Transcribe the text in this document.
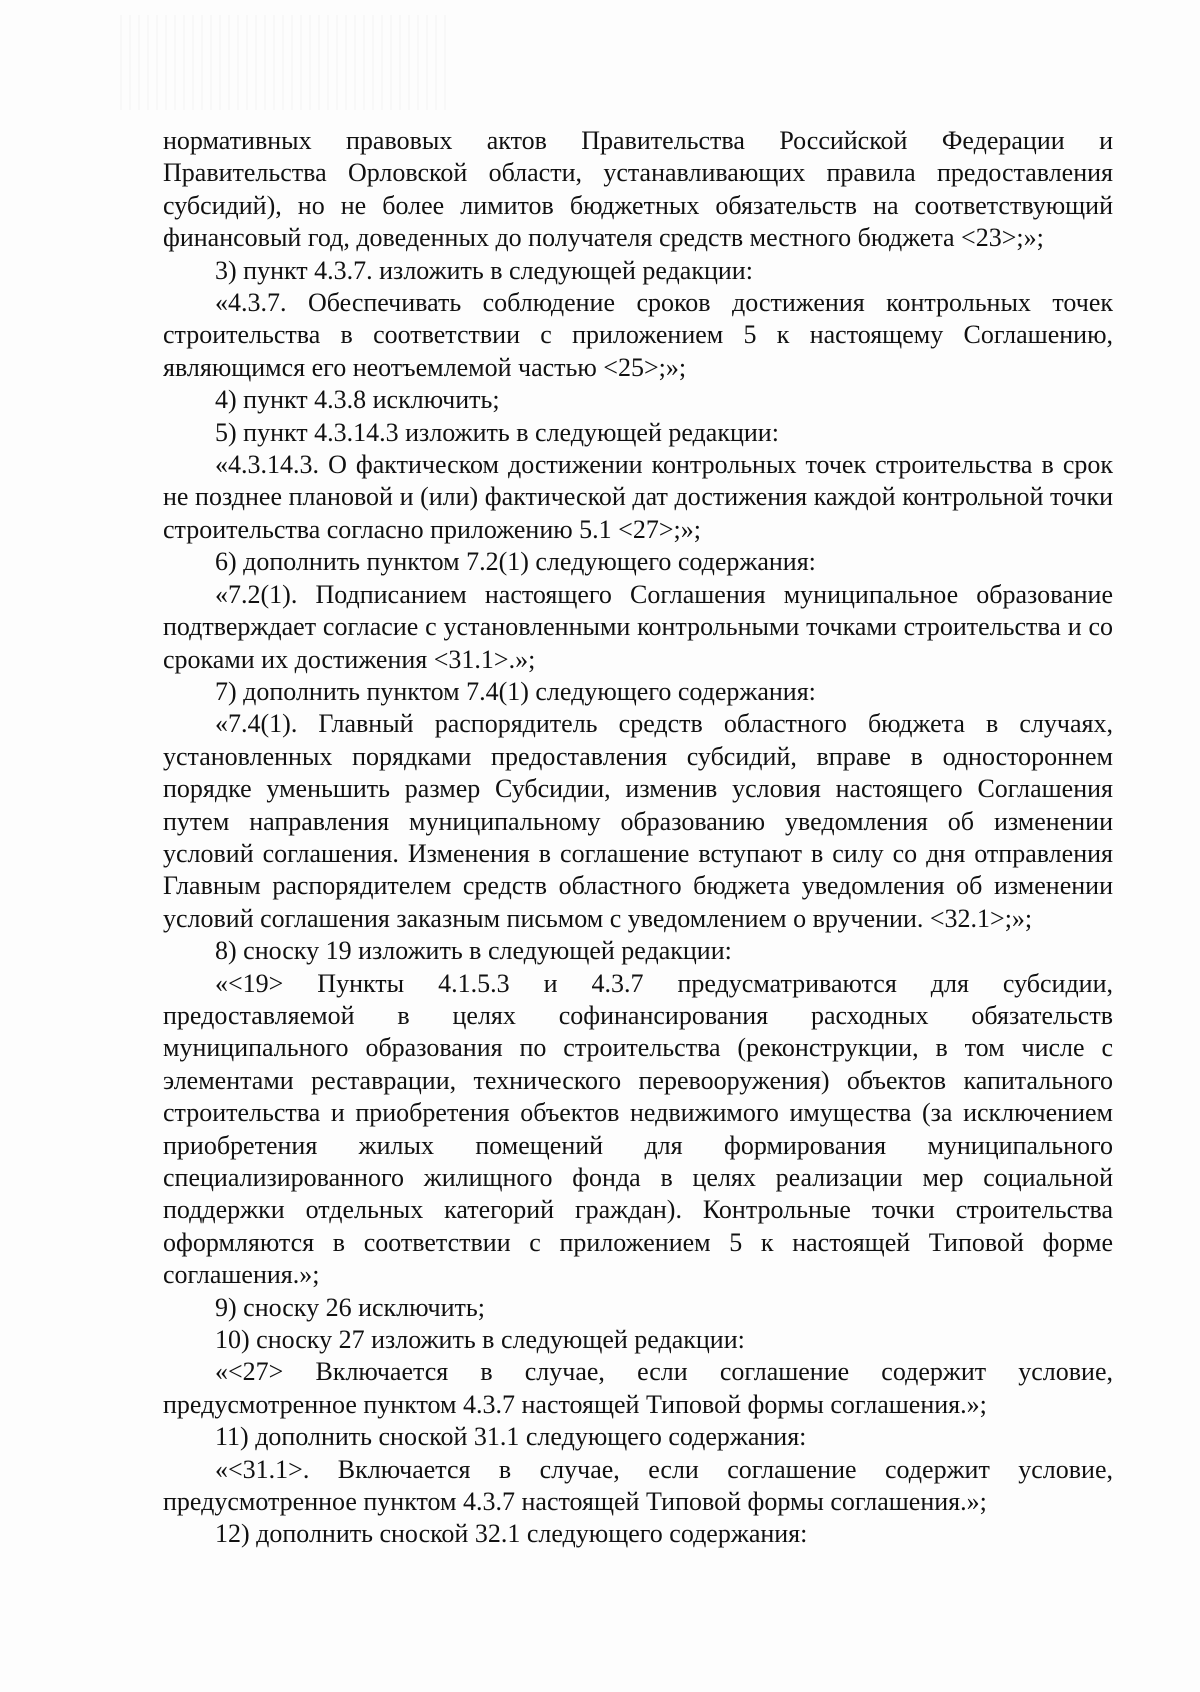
нормативных правовых актов Правительства Российской Федерации и Правительства Орловской области, устанавливающих правила предоставления субсидий), но не более лимитов бюджетных обязательств на соответствующий финансовый год, доведенных до получателя средств местного бюджета <23>;»;

3) пункт 4.3.7. изложить в следующей редакции:

«4.3.7. Обеспечивать соблюдение сроков достижения контрольных точек строительства в соответствии с приложением 5 к настоящему Соглашению, являющимся его неотъемлемой частью <25>;»;

4) пункт 4.3.8 исключить;

5) пункт 4.3.14.3 изложить в следующей редакции:

«4.3.14.3. О фактическом достижении контрольных точек строительства в срок не позднее плановой и (или) фактической дат достижения каждой контрольной точки строительства согласно приложению 5.1 <27>;»;

6) дополнить пунктом 7.2(1) следующего содержания:

«7.2(1). Подписанием настоящего Соглашения муниципальное образование подтверждает согласие с установленными контрольными точками строительства и со сроками их достижения <31.1>.»;

7) дополнить пунктом 7.4(1) следующего содержания:

«7.4(1). Главный распорядитель средств областного бюджета в случаях, установленных порядками предоставления субсидий, вправе в одностороннем порядке уменьшить размер Субсидии, изменив условия настоящего Соглашения путем направления муниципальному образованию уведомления об изменении условий соглашения. Изменения в соглашение вступают в силу со дня отправления Главным распорядителем средств областного бюджета уведомления об изменении условий соглашения заказным письмом с уведомлением о вручении. <32.1>;»;

8) сноску 19 изложить в следующей редакции:

«<19> Пункты 4.1.5.3 и 4.3.7 предусматриваются для субсидии, предоставляемой в целях софинансирования расходных обязательств муниципального образования по строительства (реконструкции, в том числе с элементами реставрации, технического перевооружения) объектов капитального строительства и приобретения объектов недвижимого имущества (за исключением приобретения жилых помещений для формирования муниципального специализированного жилищного фонда в целях реализации мер социальной поддержки отдельных категорий граждан). Контрольные точки строительства оформляются в соответствии с приложением 5 к настоящей Типовой форме соглашения.»;

9) сноску 26 исключить;

10) сноску 27 изложить в следующей редакции:

«<27> Включается в случае, если соглашение содержит условие, предусмотренное пунктом 4.3.7 настоящей Типовой формы соглашения.»;

11) дополнить сноской 31.1 следующего содержания:

«<31.1>. Включается в случае, если соглашение содержит условие, предусмотренное пунктом 4.3.7 настоящей Типовой формы соглашения.»;

12) дополнить сноской 32.1 следующего содержания:
